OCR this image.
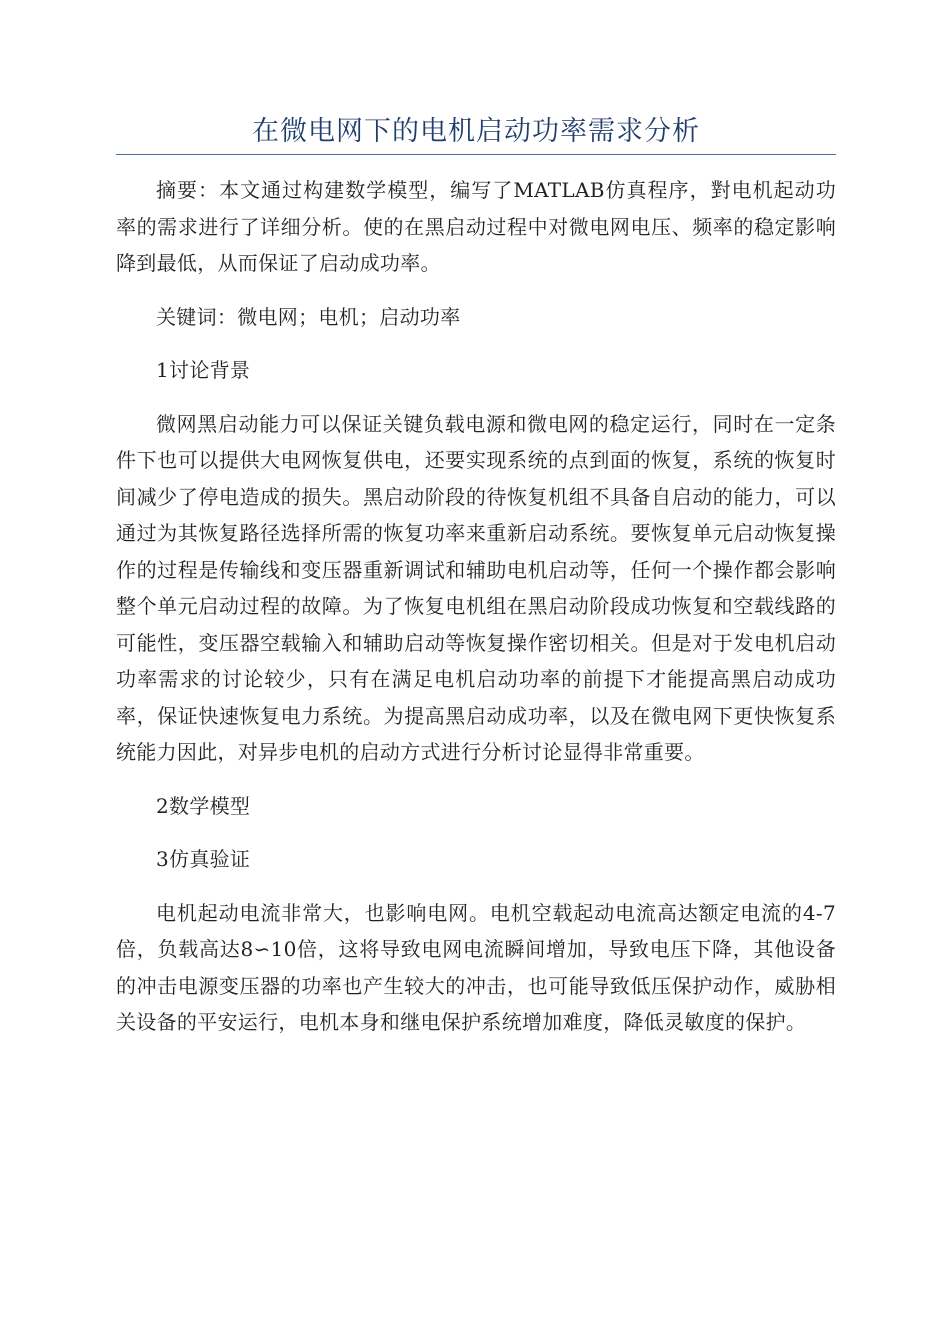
在微电网下的电机启动功率需求分析

摘要：本文通过构建数学模型，编写了MATLAB仿真程序，對电机起动功率的需求进行了详细分析。使的在黑启动过程中对微电网电压、频率的稳定影响降到最低，从而保证了启动成功率。

关键词：微电网；电机；启动功率

1讨论背景

微网黑启动能力可以保证关键负载电源和微电网的稳定运行，同时在一定条件下也可以提供大电网恢复供电，还要实现系统的点到面的恢复，系统的恢复时间减少了停电造成的损失。黑启动阶段的待恢复机组不具备自启动的能力，可以通过为其恢复路径选择所需的恢复功率来重新启动系统。要恢复单元启动恢复操作的过程是传输线和变压器重新调试和辅助电机启动等，任何一个操作都会影响整个单元启动过程的故障。为了恢复电机组在黑启动阶段成功恢复和空载线路的可能性，变压器空载输入和辅助启动等恢复操作密切相关。但是对于发电机启动功率需求的讨论较少，只有在满足电机启动功率的前提下才能提高黑启动成功率，保证快速恢复电力系统。为提高黑启动成功率，以及在微电网下更快恢复系统能力因此，对异步电机的启动方式进行分析讨论显得非常重要。

2数学模型

3仿真验证

电机起动电流非常大，也影响电网。电机空载起动电流高达额定电流的4-7倍，负载高达8∽10倍，这将导致电网电流瞬间增加，导致电压下降，其他设备的冲击电源变压器的功率也产生较大的冲击，也可能导致低压保护动作，威胁相关设备的平安运行，电机本身和继电保护系统增加难度，降低灵敏度的保护。
